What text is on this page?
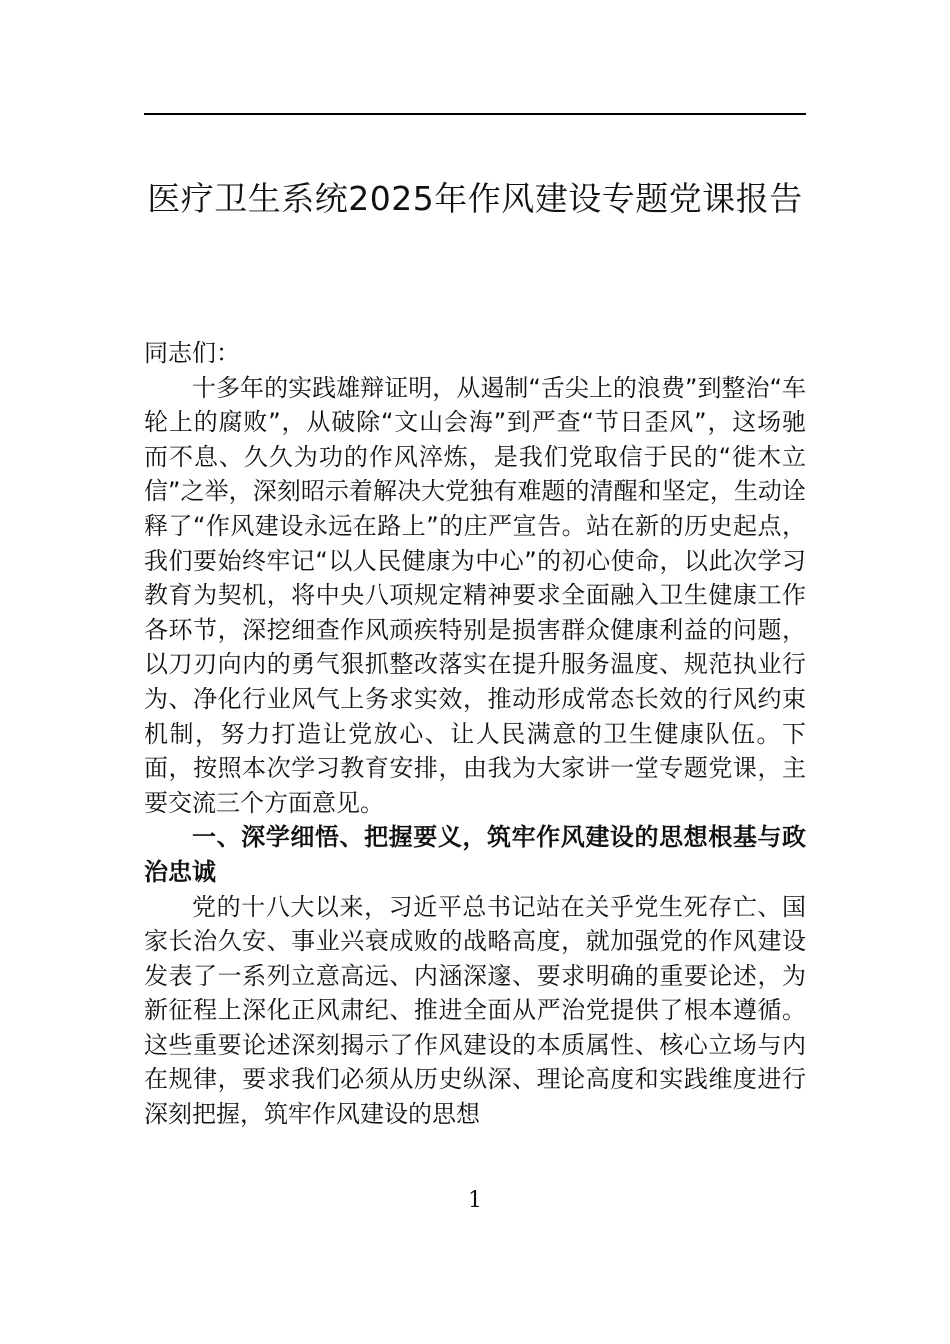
医疗卫生系统2025年作风建设专题党课报告

同志们：

十多年的实践雄辩证明，从遏制“舌尖上的浪费”到整治“车轮上的腐败”，从破除“文山会海”到严查“节日歪风”，这场驰而不息、久久为功的作风淬炼，是我们党取信于民的“徙木立信”之举，深刻昭示着解决大党独有难题的清醒和坚定，生动诠释了“作风建设永远在路上”的庄严宣告。站在新的历史起点，我们要始终牢记“以人民健康为中心”的初心使命，以此次学习教育为契机，将中央八项规定精神要求全面融入卫生健康工作各环节，深挖细查作风顽疾特别是损害群众健康利益的问题，以刀刃向内的勇气狠抓整改落实在提升服务温度、规范执业行为、净化行业风气上务求实效，推动形成常态长效的行风约束机制，努力打造让党放心、让人民满意的卫生健康队伍。下面，按照本次学习教育安排，由我为大家讲一堂专题党课，主要交流三个方面意见。

一、深学细悟、把握要义，筑牢作风建设的思想根基与政治忠诚

党的十八大以来，习近平总书记站在关乎党生死存亡、国家长治久安、事业兴衰成败的战略高度，就加强党的作风建设发表了一系列立意高远、内涵深邃、要求明确的重要论述，为新征程上深化正风肃纪、推进全面从严治党提供了根本遵循。这些重要论述深刻揭示了作风建设的本质属性、核心立场与内在规律，要求我们必须从历史纵深、理论高度和实践维度进行深刻把握，筑牢作风建设的思想

1
